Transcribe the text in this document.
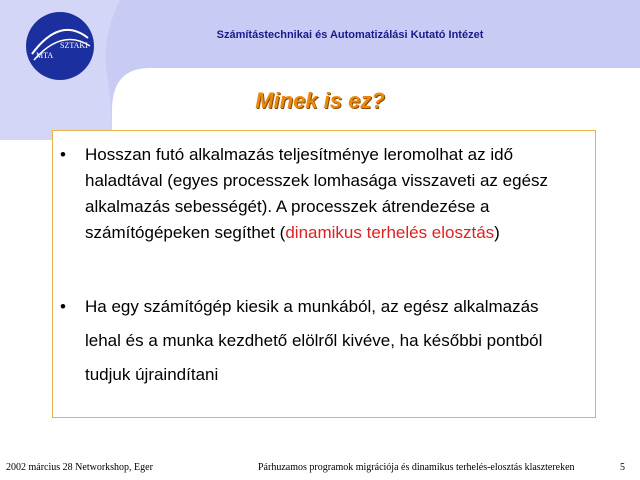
MTA
SZTAKI
Számítástechnikai és Automatizálási Kutató Intézet
Minek is ez?
• Hosszan futó alkalmazás teljesítménye leromolhat az idő haladtával (egyes processzek lomhasága visszaveti az egész alkalmazás sebességét). A processzek átrendezése a számítógépeken segíthet (dinamikus terhelés elosztás)
• Ha egy számítógép kiesik a munkából, az egész alkalmazás lehal és a munka kezdhető elölről kivéve, ha későbbi pontból tudjuk újraindítani
2002 március 28 Networkshop, Eger	Párhuzamos programok migrációja és dinamikus terhelés-elosztás klasztereken	5
